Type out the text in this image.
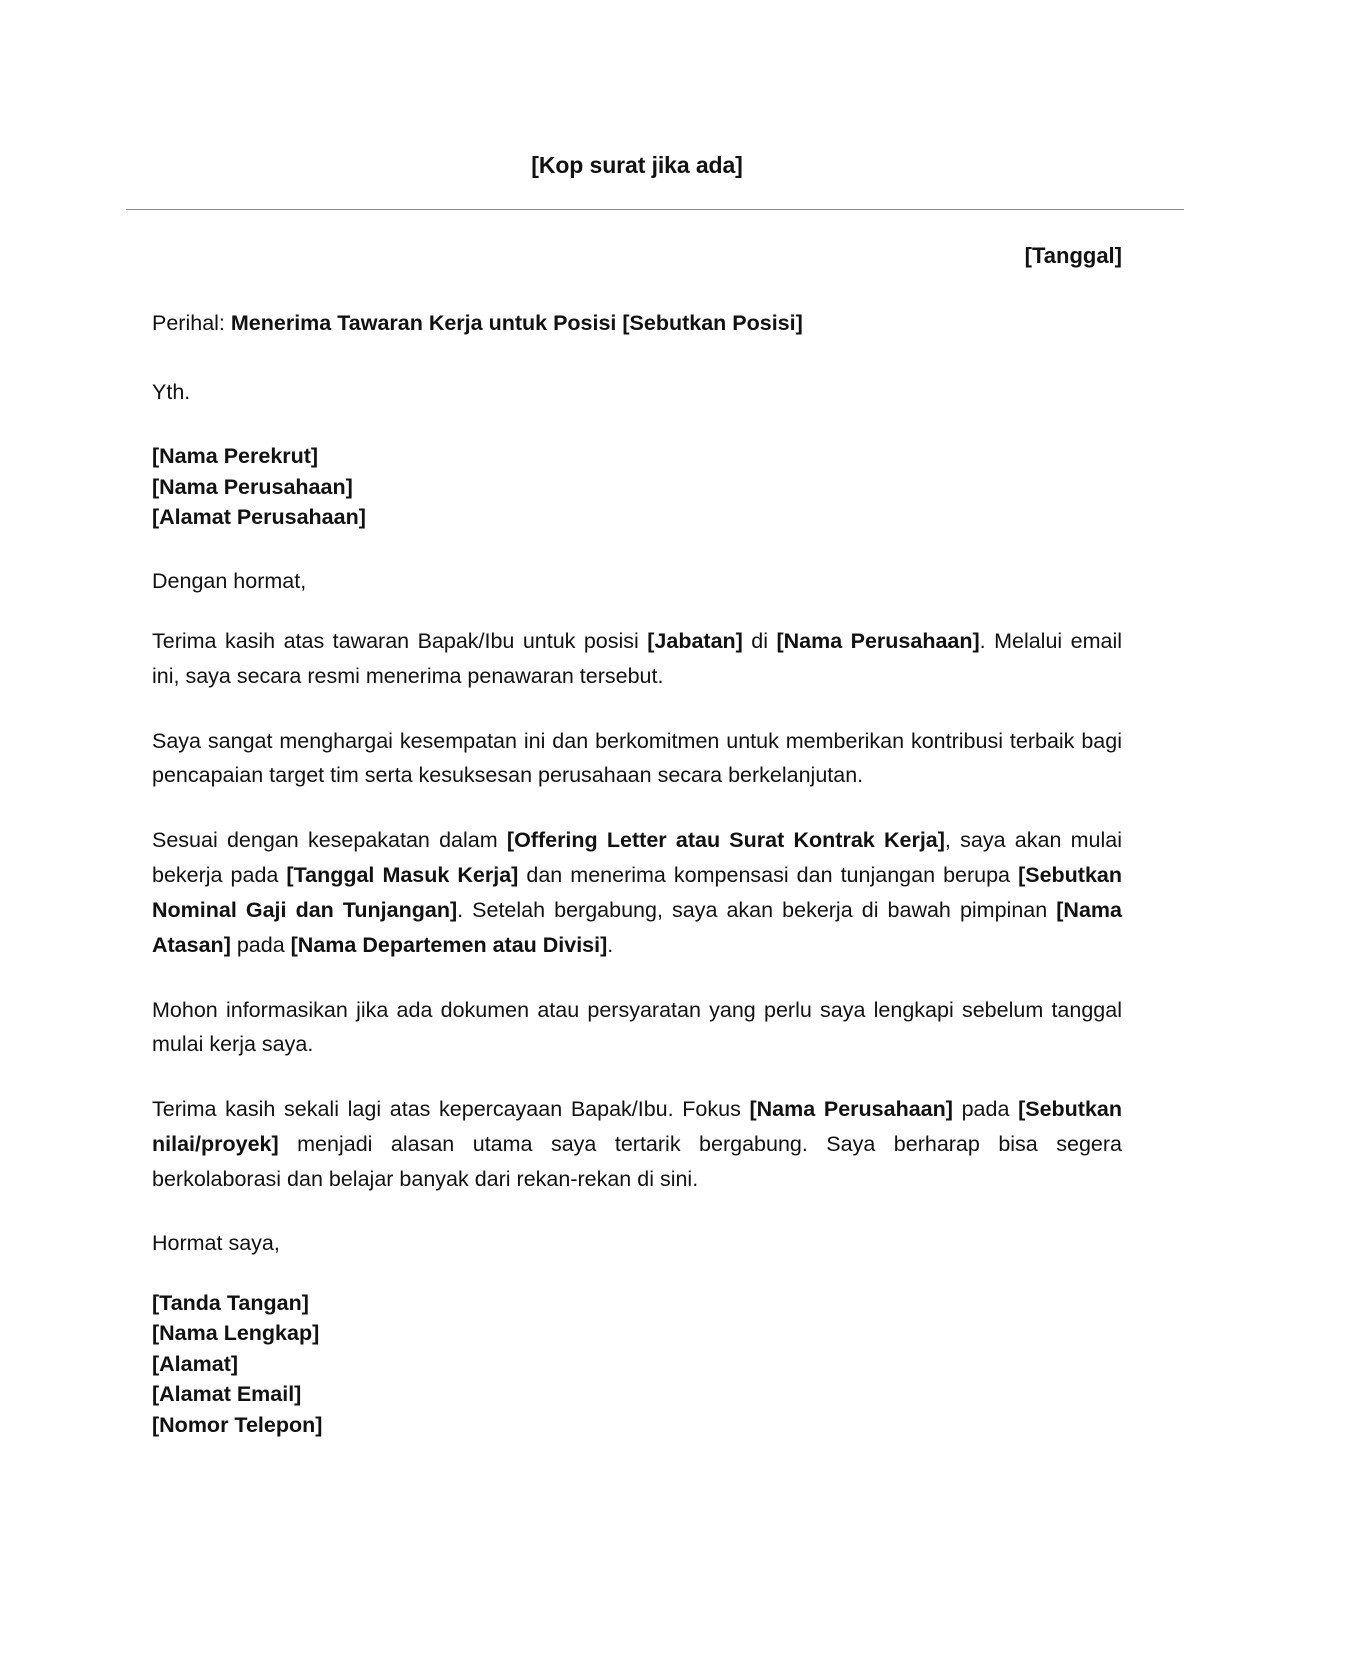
[Kop surat jika ada]
[Tanggal]
Perihal: Menerima Tawaran Kerja untuk Posisi [Sebutkan Posisi]
Yth.
[Nama Perekrut]
[Nama Perusahaan]
[Alamat Perusahaan]
Dengan hormat,

Terima kasih atas tawaran Bapak/Ibu untuk posisi [Jabatan] di [Nama Perusahaan]. Melalui email ini, saya secara resmi menerima penawaran tersebut.

Saya sangat menghargai kesempatan ini dan berkomitmen untuk memberikan kontribusi terbaik bagi pencapaian target tim serta kesuksesan perusahaan secara berkelanjutan.

Sesuai dengan kesepakatan dalam [Offering Letter atau Surat Kontrak Kerja], saya akan mulai bekerja pada [Tanggal Masuk Kerja] dan menerima kompensasi dan tunjangan berupa [Sebutkan Nominal Gaji dan Tunjangan]. Setelah bergabung, saya akan bekerja di bawah pimpinan [Nama Atasan] pada [Nama Departemen atau Divisi].

Mohon informasikan jika ada dokumen atau persyaratan yang perlu saya lengkapi sebelum tanggal mulai kerja saya.

Terima kasih sekali lagi atas kepercayaan Bapak/Ibu. Fokus [Nama Perusahaan] pada [Sebutkan nilai/proyek] menjadi alasan utama saya tertarik bergabung. Saya berharap bisa segera berkolaborasi dan belajar banyak dari rekan-rekan di sini.

Hormat saya,
[Tanda Tangan]
[Nama Lengkap]
[Alamat]
[Alamat Email]
[Nomor Telepon]
